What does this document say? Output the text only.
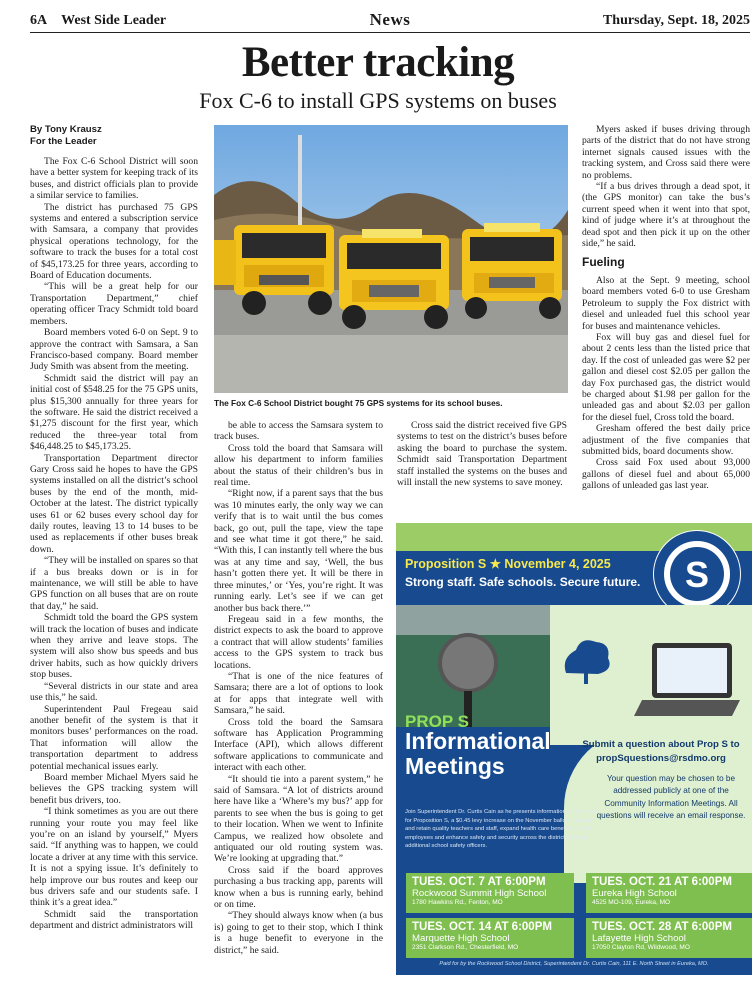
6A West Side Leader	News	Thursday, Sept. 18, 2025
Better tracking
Fox C-6 to install GPS systems on buses

By Tony Krausz
For the Leader

The Fox C-6 School District will soon have a better system for keeping track of its buses, and district officials plan to provide a similar service to families.

The district has purchased 75 GPS systems and entered a subscription service with Samsara, a company that provides physical operations technology, for the software to track the buses for a total cost of $45,173.25 for three years, according to Board of Education documents.

“This will be a great help for our Transportation Department,” chief operating officer Tracy Schmidt told board members.

Board members voted 6-0 on Sept. 9 to approve the contract with Samsara, a San Francisco-based company. Board member Judy Smith was absent from the meeting.

Schmidt said the district will pay an initial cost of $548.25 for the 75 GPS units, plus $15,300 annually for three years for the software. He said the district received a $1,275 discount for the first year, which reduced the three-year total from $46,448.25 to $45,173.25.

Transportation Department director Gary Cross said he hopes to have the GPS systems installed on all the district’s school buses by the end of the month, mid-October at the latest. The district typically uses 61 or 62 buses every school day for daily routes, leaving 13 to 14 buses to be used as replacements if other buses break down.

“They will be installed on spares so that if a bus breaks down or is in for maintenance, we will still be able to have GPS function on all buses that are on route that day,” he said.

Schmidt told the board the GPS system will track the location of buses and indicate when they arrive and leave stops. The system will also show bus speeds and bus driver habits, such as how quickly drivers stop buses.

“Several districts in our state and area use this,” he said.

Superintendent Paul Fregeau said another benefit of the system is that it monitors buses’ performances on the road. That information will allow the transportation department to address potential mechanical issues early.

Board member Michael Myers said he believes the GPS tracking system will benefit bus drivers, too.

“I think sometimes as you are out there running your route you may feel like you’re on an island by yourself,” Myers said. “If anything was to happen, we could locate a driver at any time with this service. It is not a spying issue. It’s definitely to help improve our bus routes and keep our bus drivers safe and our students safe. I think it’s a great idea.”

Schmidt said the transportation department and district administrators will

The Fox C-6 School District bought 75 GPS systems for its school buses.

be able to access the Samsara system to track buses.

Cross told the board that Samsara will allow his department to inform families about the status of their children’s bus in real time.

“Right now, if a parent says that the bus was 10 minutes early, the only way we can verify that is to wait until the bus comes back, go out, pull the tape, view the tape and see what time it got there,” he said. “With this, I can instantly tell where the bus was at any time and say, ‘Well, the bus hasn’t gotten there yet. It will be there in three minutes,’ or ‘Yes, you’re right. It was running early. Let’s see if we can get another bus back there.’”

Fregeau said in a few months, the district expects to ask the board to approve a contract that will allow students’ families access to the GPS system to track bus locations.

“That is one of the nice features of Samsara; there are a lot of options to look at for apps that integrate well with Samsara,” he said.

Cross told the board the Samsara software has Application Programming Interface (API), which allows different software applications to communicate and interact with each other.

“It should tie into a parent system,” he said of Samsara. “A lot of districts around here have like a ‘Where’s my bus?’ app for parents to see when the bus is going to get to their location. When we went to Infinite Campus, we realized how obsolete and antiquated our old routing system was. We’re looking at upgrading that.”

Cross said if the board approves purchasing a bus tracking app, parents will know when a bus is running early, behind or on time.

“They should always know when (a bus is) going to get to their stop, which I think is a huge benefit to everyone in the district,” he said.

Cross said the district received five GPS systems to test on the district’s buses before asking the board to purchase the system. Schmidt said Transportation Department staff installed the systems on the buses and will install the new systems to save money.

Myers asked if buses driving through parts of the district that do not have strong internet signals caused issues with the tracking system, and Cross said there were no problems.

“If a bus drives through a dead spot, it (the GPS monitor) can take the bus’s current speed when it went into that spot, kind of judge where it’s at throughout the dead spot and then pick it up on the other side,” he said.

Fueling

Also at the Sept. 9 meeting, school board members voted 6-0 to use Gresham Petroleum to supply the Fox district with diesel and unleaded fuel this school year for buses and maintenance vehicles.

Fox will buy gas and diesel fuel for about 2 cents less than the listed price that day. If the cost of unleaded gas were $2 per gallon and diesel cost $2.05 per gallon the day Fox purchased gas, the district would be charged about $1.98 per gallon for the unleaded gas and about $2.03 per gallon for the diesel fuel, Cross told the board.

Gresham offered the best daily price adjustment of the five companies that submitted bids, board documents show.

Cross said Fox used about 93,000 gallons of diesel fuel and about 65,000 gallons of unleaded gas last year.

Proposition S ★ November 4, 2025
Strong staff. Safe schools. Secure future. S
PROP S
Informational Meetings
Join Superintendent Dr. Curtis Cain as he presents information on the need for Proposition S, a $0.45 levy increase on the November ballot to recruit and retain quality teachers and staff, expand health care benefits to more employees and enhance safety and security across the district by hiring additional school safety officers.
Submit a question about Prop S to propSquestions@rsdmo.org
Your question may be chosen to be addressed publicly at one of the Community Information Meetings. All questions will receive an email response.
TUES. OCT. 7 AT 6:00PM
Rockwood Summit High School
1780 Hawkins Rd., Fenton, MO
TUES. OCT. 21 AT 6:00PM
Eureka High School
4525 MO-109, Eureka, MO
TUES. OCT. 14 AT 6:00PM
Marquette High School
2351 Clarkson Rd., Chesterfield, MO
TUES. OCT. 28 AT 6:00PM
Lafayette High School
17050 Clayton Rd, Wildwood, MO
Paid for by the Rockwood School District, Superintendent Dr. Curtis Cain, 111 E. North Street in Eureka, MO.
